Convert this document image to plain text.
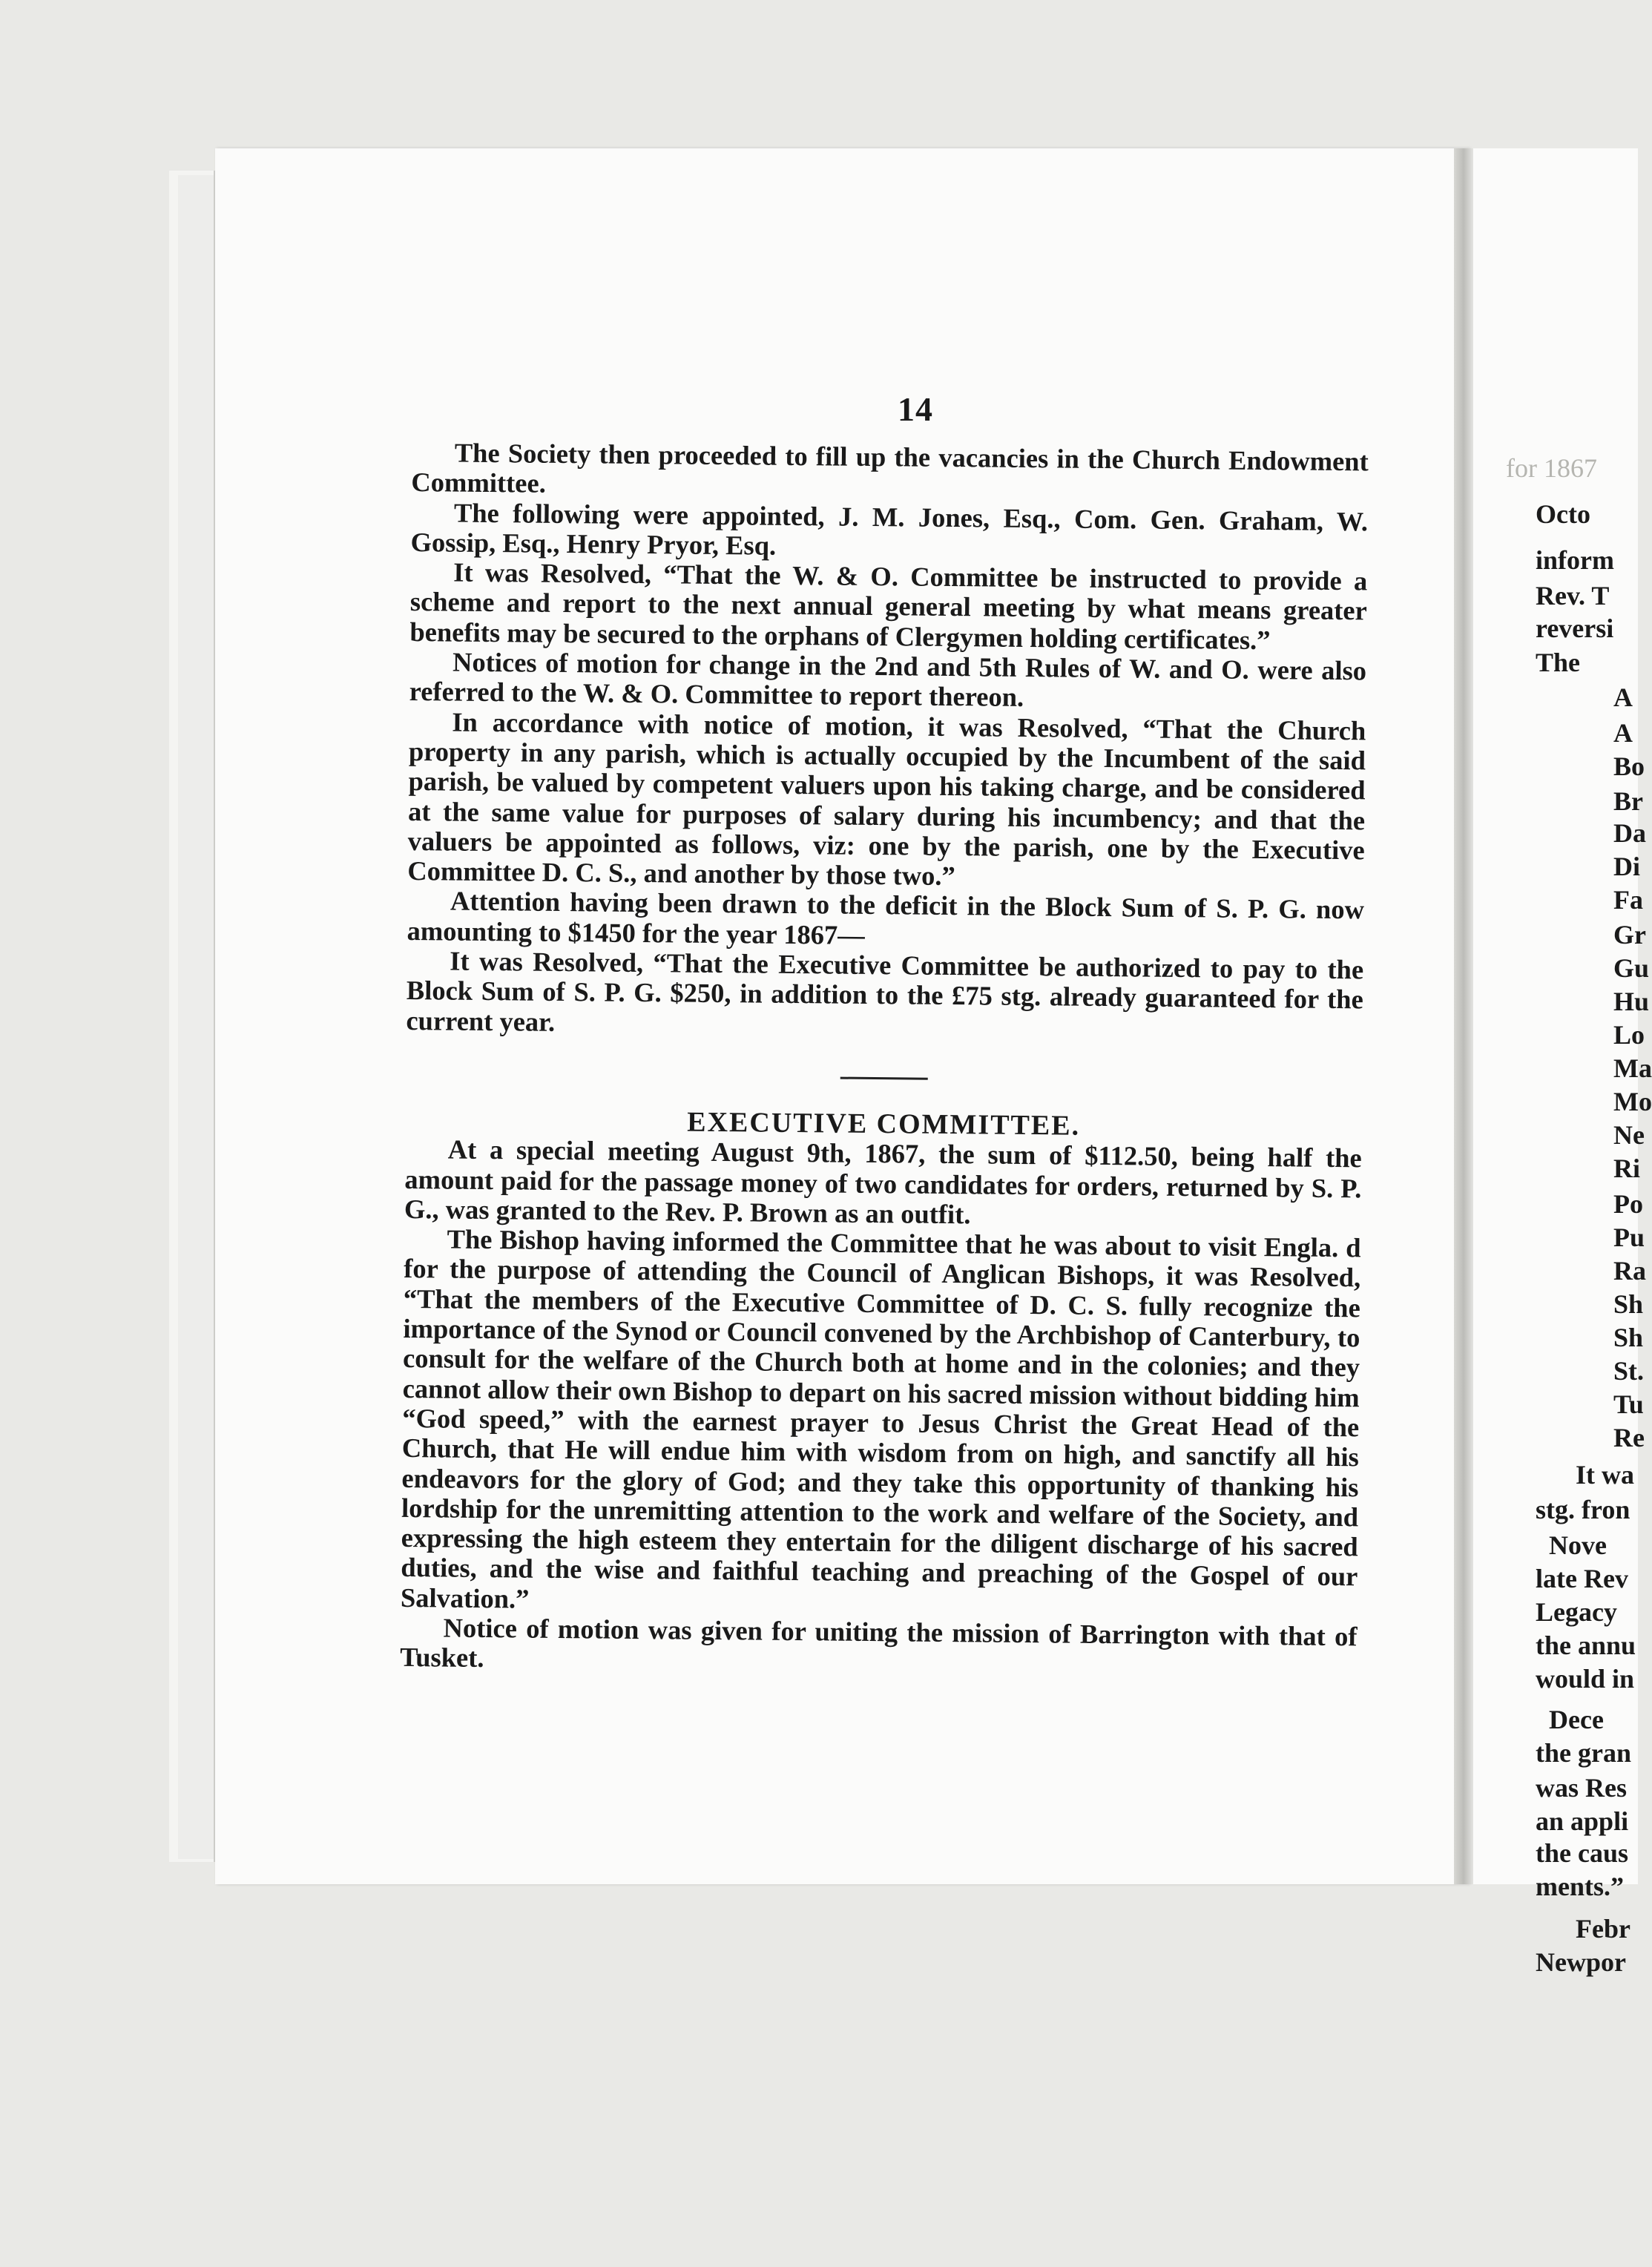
14

The Society then proceeded to fill up the vacancies in the Church Endowment Committee.

The following were appointed, J. M. Jones, Esq., Com. Gen. Graham, W. Gossip, Esq., Henry Pryor, Esq.

It was Resolved, “That the W. & O. Committee be instructed to provide a scheme and report to the next annual general meeting by what means greater benefits may be secured to the orphans of Clergymen holding certificates.”

Notices of motion for change in the 2nd and 5th Rules of W. and O. were also referred to the W. & O. Committee to report thereon.

In accordance with notice of motion, it was Resolved, “That the Church property in any parish, which is actually occupied by the Incumbent of the said parish, be valued by competent valuers upon his taking charge, and be considered at the same value for purposes of salary during his incumbency; and that the valuers be appointed as follows, viz: one by the parish, one by the Executive Committee D. C. S., and another by those two.”

Attention having been drawn to the deficit in the Block Sum of S. P. G. now amounting to $1450 for the year 1867—

It was Resolved, “That the Executive Committee be authorized to pay to the Block Sum of S. P. G. $250, in addition to the £75 stg. already guaranteed for the current year.

EXECUTIVE COMMITTEE.

At a special meeting August 9th, 1867, the sum of $112.50, being half the amount paid for the passage money of two candidates for orders, returned by S. P. G., was granted to the Rev. P. Brown as an outfit.

The Bishop having informed the Committee that he was about to visit Engla. d for the purpose of attending the Council of Anglican Bishops, it was Resolved, “That the members of the Executive Committee of D. C. S. fully recognize the importance of the Synod or Council convened by the Archbishop of Canterbury, to consult for the welfare of the Church both at home and in the colonies; and they cannot allow their own Bishop to depart on his sacred mission without bidding him “God speed,” with the earnest prayer to Jesus Christ the Great Head of the Church, that He will endue him with wisdom from on high, and sanctify all his endeavors for the glory of God; and they take this opportunity of thanking his lordship for the unremitting attention to the work and welfare of the Society, and expressing the high esteem they entertain for the diligent discharge of his sacred duties, and the wise and faithful teaching and preaching of the Gospel of our Salvation.”

Notice of motion was given for uniting the mission of Barrington with that of Tusket.

for 1867
Octo
inform
Rev. T
reversi
The
A
A
Bo
Br
Da
Di
Fa
Gr
Gu
Hu
Lo
Ma
Mo
Ne
Ri
Po
Pu
Ra
Sh
Sh
St.
Tu
Re
It wa
stg. fron
Nove
late Rev
Legacy
the annu
would in
Dece
the gran
was Res
an appli
the caus
ments.”
Febr
Newpor
